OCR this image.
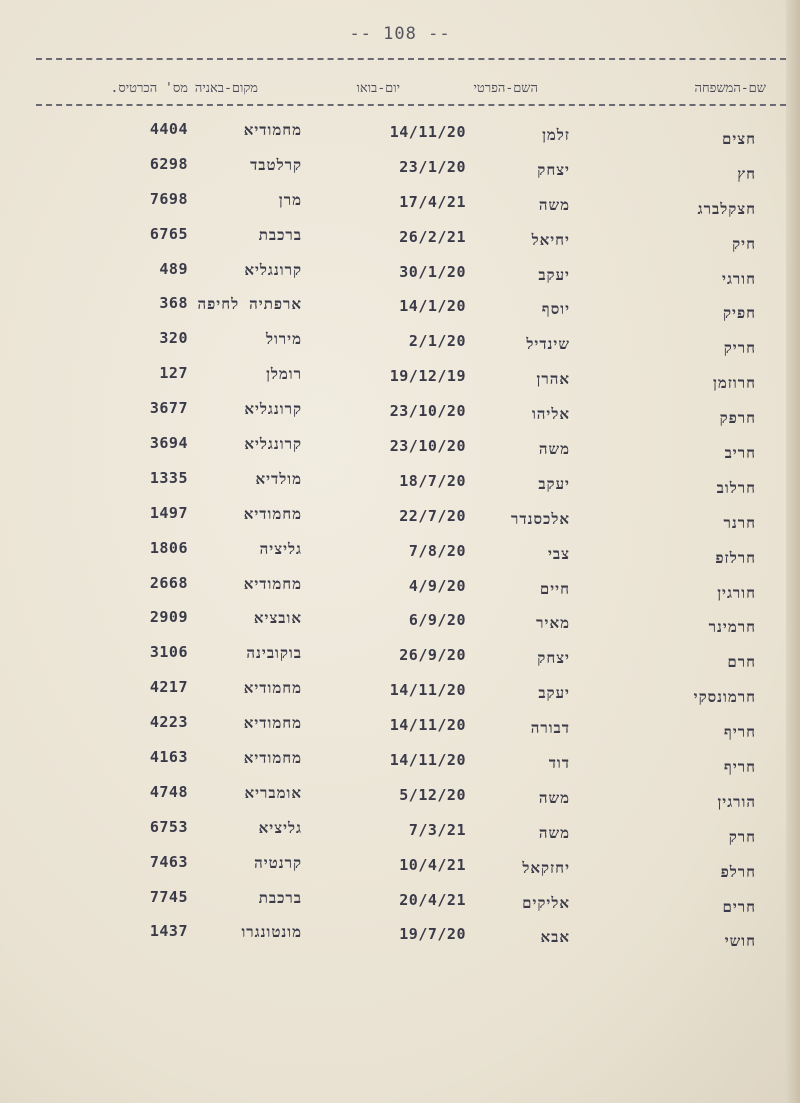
-- 108 --
שם-המשפחה
השם-הפרטי
יום-בואו
מקום-באניה
מס' הכרטיס.
חצים
זלמן
14/11/20
מחמודיא
4404
חץ
יצחק
23/1/20
קרלטבד
6298
חצקלברג
משה
17/4/21
מרן
7698
חיק
יחיאל
26/2/21
ברכבת
6765
חורגי
יעקב
30/1/20
קרונגליא
489
חפיק
יוסף
14/1/20
ארפתיה לחיפה
368
חריק
שינדיל
2/1/20
מירול
320
חרוזמן
אהרן
19/12/19
רומלן
127
חרפק
אליהו
23/10/20
קרונגליא
3677
חריב
משה
23/10/20
קרונגליא
3694
חרלוב
יעקב
18/7/20
מולדיא
1335
חרנר
אלכסנדר
22/7/20
מחמודיא
1497
חרלזפ
צבי
7/8/20
גליציה
1806
חורגין
חיים
4/9/20
מחמודיא
2668
חרמינר
מאיר
6/9/20
אובציא
2909
חרם
יצחק
26/9/20
בוקובינה
3106
חרמונסקי
יעקב
14/11/20
מחמודיא
4217
חריף
דבורה
14/11/20
מחמודיא
4223
חריף
דוד
14/11/20
מחמודיא
4163
הורגין
משה
5/12/20
אומבריא
4748
חרק
משה
7/3/21
גליציא
6753
חרלפ
יחזקאל
10/4/21
קרנטיה
7463
חרים
אליקים
20/4/21
ברכבת
7745
חושי
אבא
19/7/20
מונטונגרו
1437
